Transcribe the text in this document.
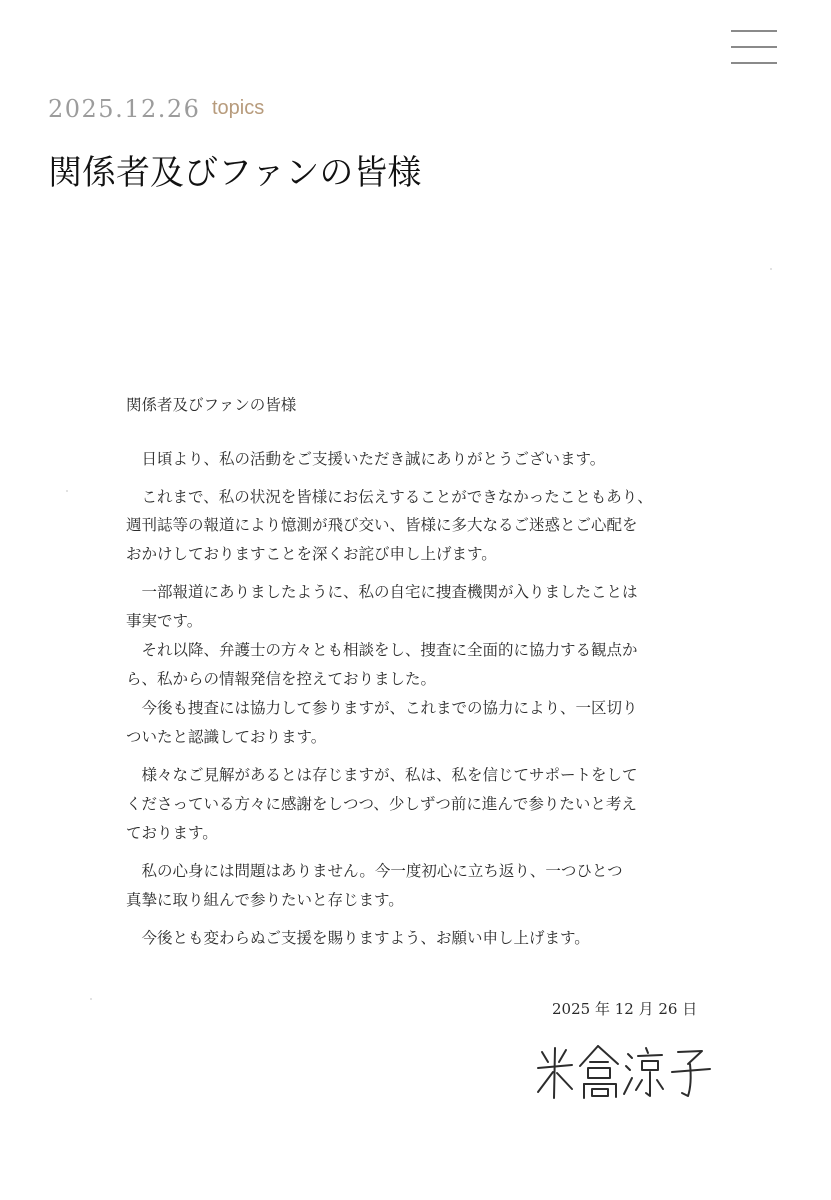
2025.12.26 topics
関係者及びファンの皆様
関係者及びファンの皆様
　日頃より、私の活動をご支援いただき誠にありがとうございます。
　これまで、私の状況を皆様にお伝えすることができなかったこともあり、
週刊誌等の報道により憶測が飛び交い、皆様に多大なるご迷惑とご心配を
おかけしておりますことを深くお詫び申し上げます。
　一部報道にありましたように、私の自宅に捜査機関が入りましたことは
事実です。
　それ以降、弁護士の方々とも相談をし、捜査に全面的に協力する観点か
ら、私からの情報発信を控えておりました。
　今後も捜査には協力して参りますが、これまでの協力により、一区切り
ついたと認識しております。
　様々なご見解があるとは存じますが、私は、私を信じてサポートをして
くださっている方々に感謝をしつつ、少しずつ前に進んで参りたいと考え
ております。
　私の心身には問題はありません。今一度初心に立ち返り、一つひとつ
真摯に取り組んで参りたいと存じます。
　今後とも変わらぬご支援を賜りますよう、お願い申し上げます。
2025 年 12 月 26 日
